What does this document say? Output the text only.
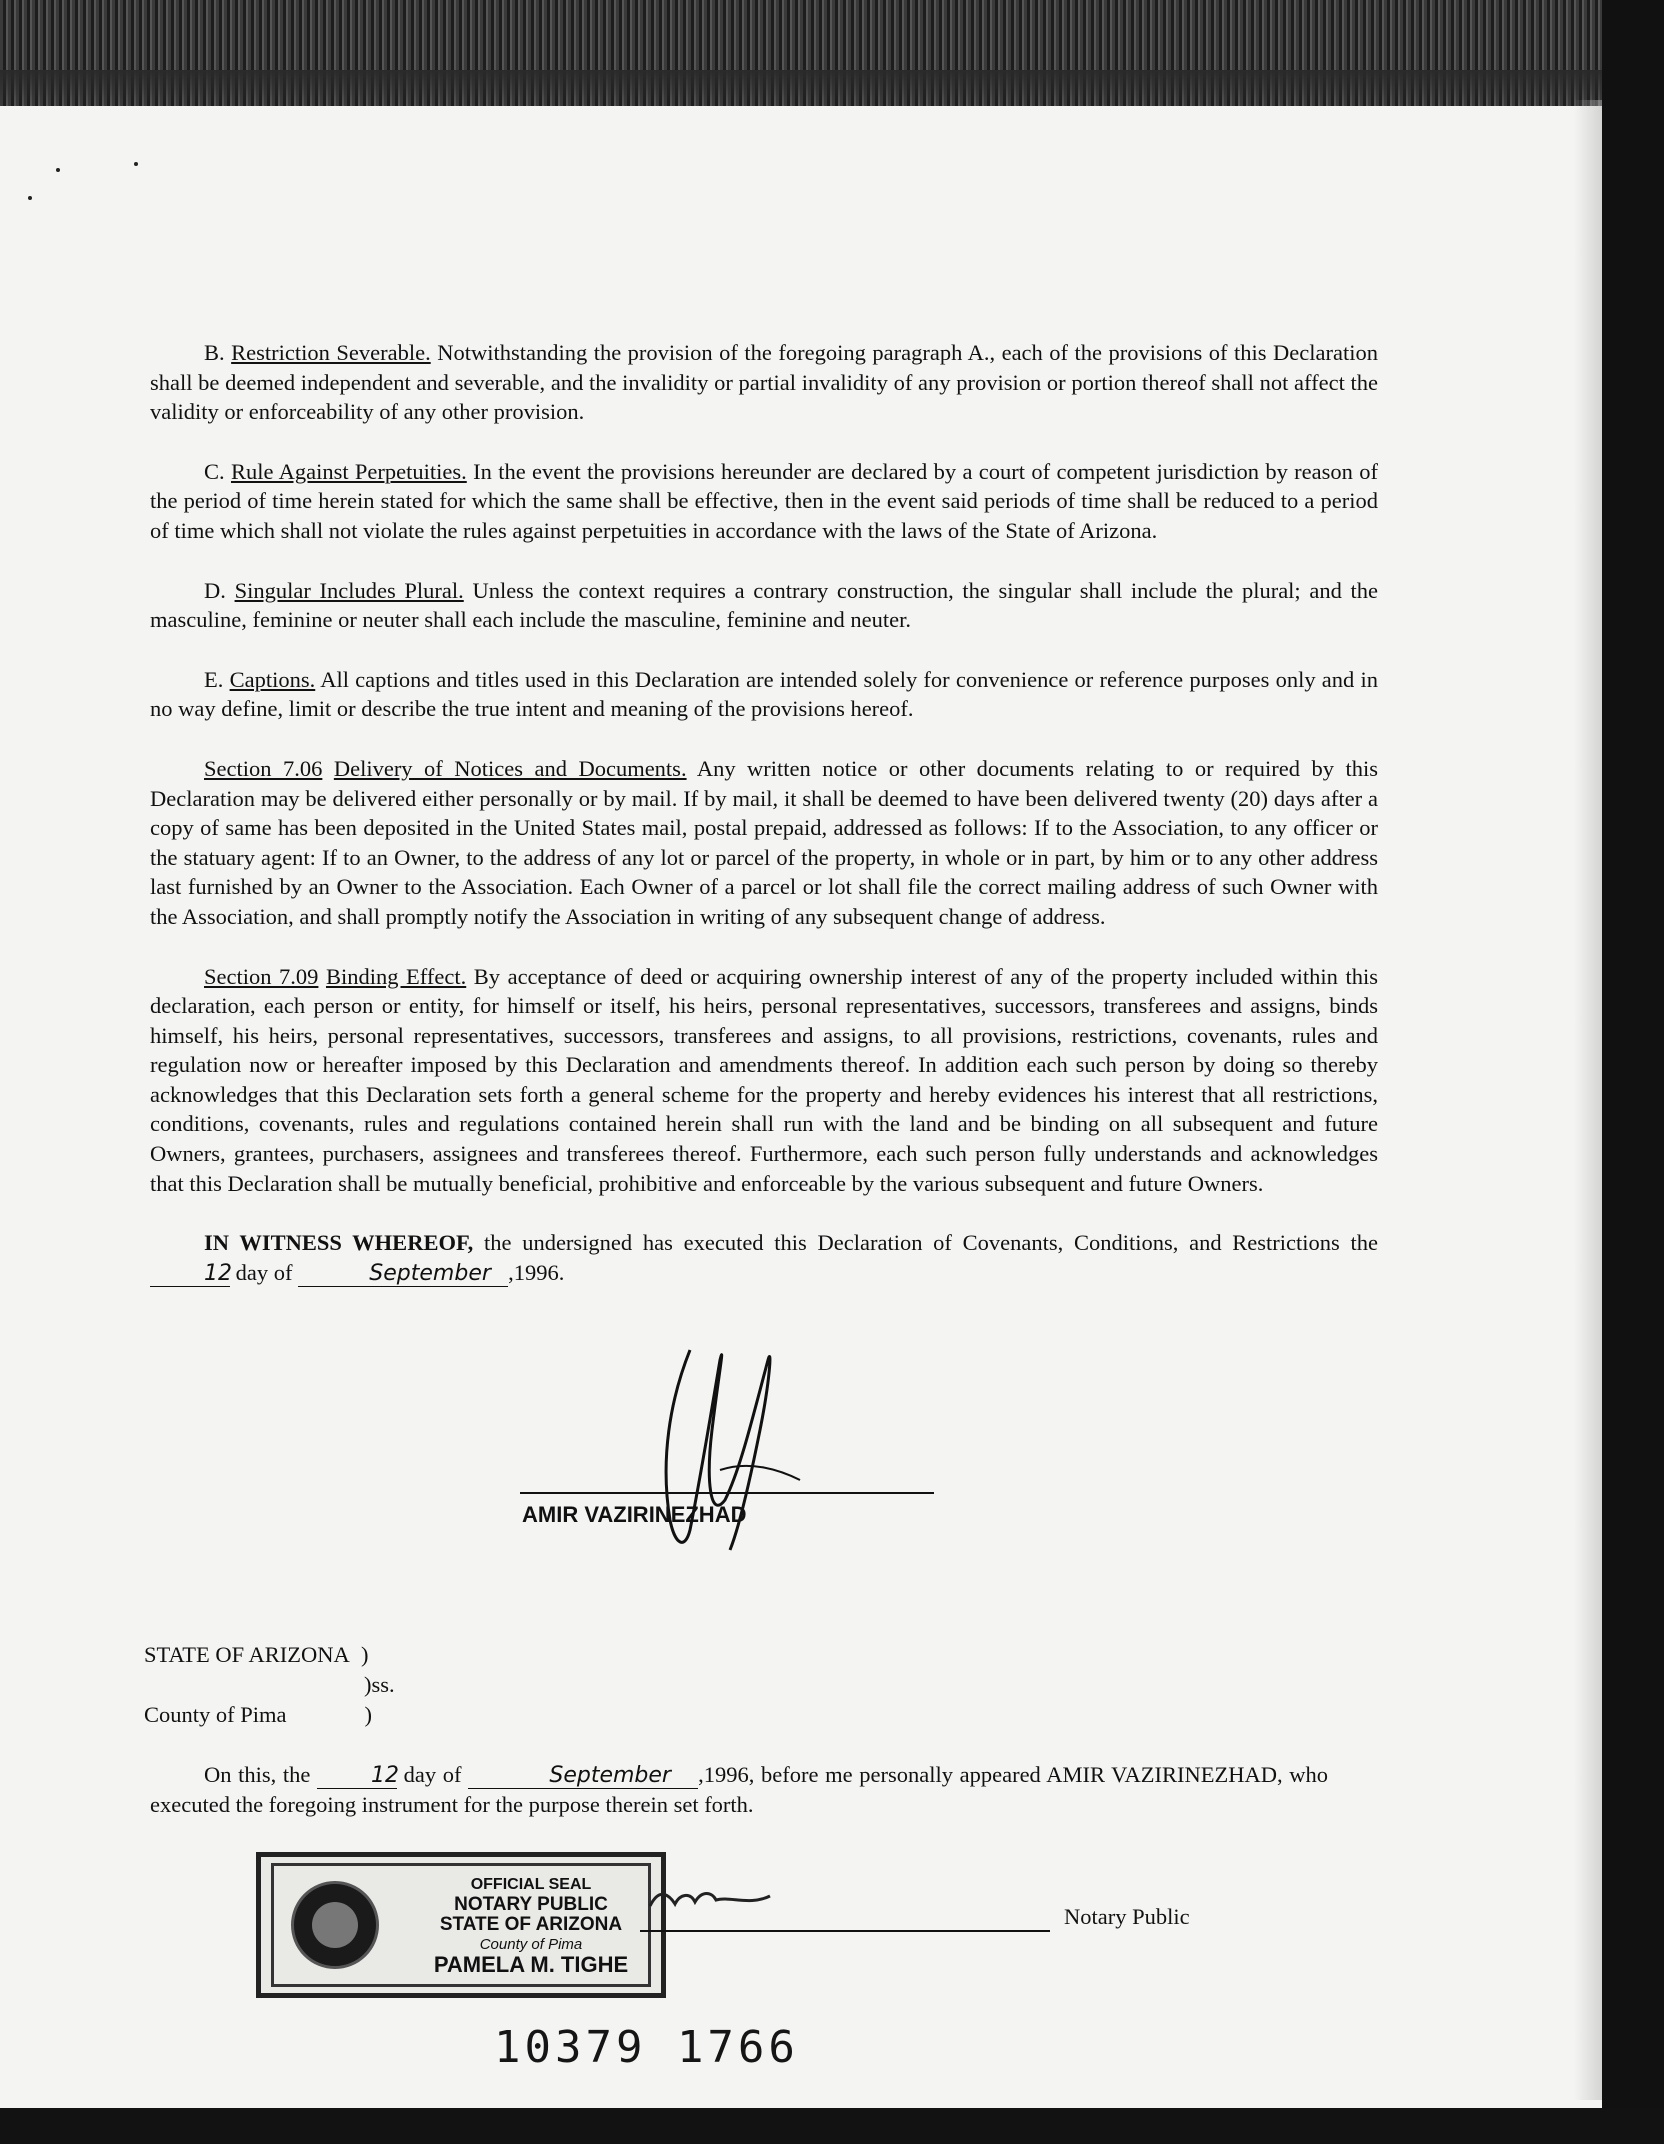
B. Restriction Severable. Notwithstanding the provision of the foregoing paragraph A., each of the provisions of this Declaration shall be deemed independent and severable, and the invalidity or partial invalidity of any provision or portion thereof shall not affect the validity or enforceability of any other provision.

C. Rule Against Perpetuities. In the event the provisions hereunder are declared by a court of competent jurisdiction by reason of the period of time herein stated for which the same shall be effective, then in the event said periods of time shall be reduced to a period of time which shall not violate the rules against perpetuities in accordance with the laws of the State of Arizona.

D. Singular Includes Plural. Unless the context requires a contrary construction, the singular shall include the plural; and the masculine, feminine or neuter shall each include the masculine, feminine and neuter.

E. Captions. All captions and titles used in this Declaration are intended solely for convenience or reference purposes only and in no way define, limit or describe the true intent and meaning of the provisions hereof.

Section 7.06 Delivery of Notices and Documents. Any written notice or other documents relating to or required by this Declaration may be delivered either personally or by mail. If by mail, it shall be deemed to have been delivered twenty (20) days after a copy of same has been deposited in the United States mail, postal prepaid, addressed as follows: If to the Association, to any officer or the statuary agent: If to an Owner, to the address of any lot or parcel of the property, in whole or in part, by him or to any other address last furnished by an Owner to the Association. Each Owner of a parcel or lot shall file the correct mailing address of such Owner with the Association, and shall promptly notify the Association in writing of any subsequent change of address.

Section 7.09 Binding Effect. By acceptance of deed or acquiring ownership interest of any of the property included within this declaration, each person or entity, for himself or itself, his heirs, personal representatives, successors, transferees and assigns, binds himself, his heirs, personal representatives, successors, transferees and assigns, to all provisions, restrictions, covenants, rules and regulation now or hereafter imposed by this Declaration and amendments thereof. In addition each such person by doing so thereby acknowledges that this Declaration sets forth a general scheme for the property and hereby evidences his interest that all restrictions, conditions, covenants, rules and regulations contained herein shall run with the land and be binding on all subsequent and future Owners, grantees, purchasers, assignees and transferees thereof. Furthermore, each such person fully understands and acknowledges that this Declaration shall be mutually beneficial, prohibitive and enforceable by the various subsequent and future Owners.

IN WITNESS WHEREOF, the undersigned has executed this Declaration of Covenants, Conditions, and Restrictions the 12 day of	September ,1996.

AMIR VAZIRINEZHAD
STATE OF ARIZONA )
)ss.
County of Pima	)
On this, the 12 day of	September ,1996, before me personally appeared AMIR VAZIRINEZHAD, who executed the foregoing instrument for the purpose therein set forth.
OFFICIAL SEAL
NOTARY PUBLIC
STATE OF ARIZONA
County of Pima
PAMELA M. TIGHE
Notary Public
10379 1766
